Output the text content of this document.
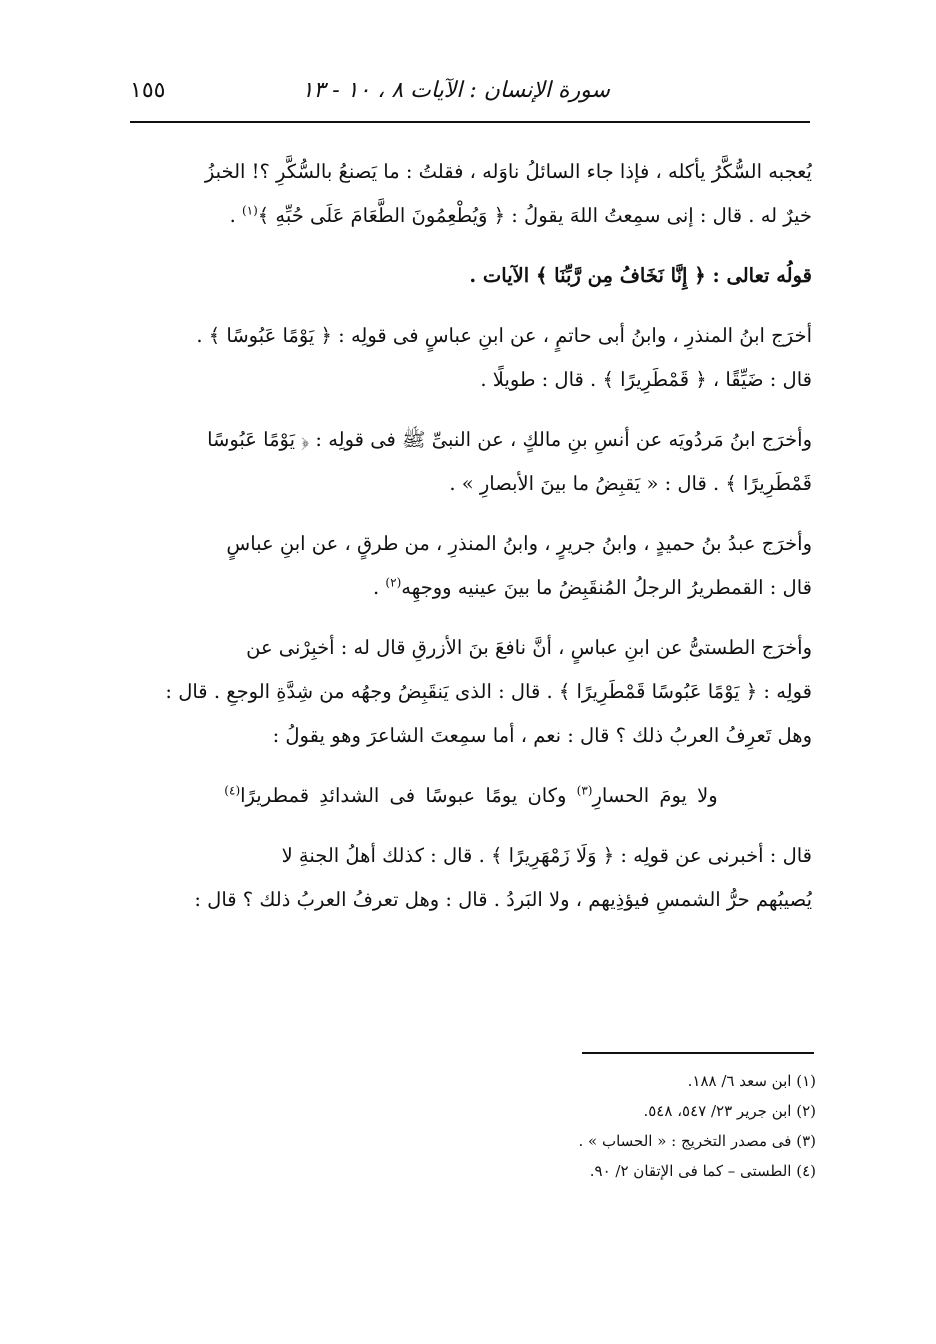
سورة الإنسان : الآيات ٨ ، ١٠ - ١٣
١٥٥
يُعجبه السُّكَّرُ يأكله ، فإذا جاء السائلُ ناوَله ، فقلتُ : ما يَصنعُ بالسُّكَّرِ ؟! الخبزُ
خيرٌ له . قال : إنى سمِعتُ اللهَ يقولُ : ﴿ وَيُطْعِمُونَ الطَّعَامَ عَلَى حُبِّهِ ﴾$^{(١)}$ .
قولُه تعالى : ﴿ إِنَّا نَخَافُ مِن رَّبِّنَا ﴾ الآيات .
أخرَج ابنُ المنذرِ ، وابنُ أبى حاتمٍ ، عن ابنِ عباسٍ فى قولِه : ﴿ يَوْمًا عَبُوسًا ﴾ .
قال : ضَيِّقًا ، ﴿ قَمْطَرِيرًا ﴾ . قال : طويلًا .
وأخرَج ابنُ مَردُويَه عن أنسِ بنِ مالكٍ ، عن النبىِّ ﷺ فى قولِه : ﴿ يَوْمًا عَبُوسًا
قَمْطَرِيرًا ﴾ . قال : « يَقبِضُ ما بينَ الأبصارِ » .
وأخرَج عبدُ بنُ حميدٍ ، وابنُ جريرٍ ، وابنُ المنذرِ ، من طرقٍ ، عن ابنِ عباسٍ
قال : القمطريرُ الرجلُ المُنقَبِضُ ما بينَ عينيه ووجهِه$^{(٢)}$ .
وأخرَج الطستىُّ عن ابنِ عباسٍ ، أنَّ نافعَ بنَ الأزرقِ قال له : أخبِرْنى عن
قولِه : ﴿ يَوْمًا عَبُوسًا قَمْطَرِيرًا ﴾ . قال : الذى يَنقَبِضُ وجهُه من شِدَّةِ الوجعِ . قال :
وهل تَعرِفُ العربُ ذلك ؟ قال : نعم ، أما سمِعتَ الشاعرَ وهو يقولُ :
ولا يومَ الحسارِ$^{(٣)}$ وكان يومًا عبوسًا فى الشدائدِ قمطريرًا$^{(٤)}$
قال : أخبرنى عن قولِه : ﴿ وَلَا زَمْهَرِيرًا ﴾ . قال : كذلك أهلُ الجنةِ لا
يُصيبُهم حرُّ الشمسِ فيؤذِيهم ، ولا البَردُ . قال : وهل تعرفُ العربُ ذلك ؟ قال :
(١) ابن سعد ٦/ ١٨٨.
(٢) ابن جرير ٢٣/ ٥٤٧، ٥٤٨.
(٣) فى مصدر التخريج : « الحساب » .
(٤) الطستى – كما فى الإتقان ٢/ ٩٠.
